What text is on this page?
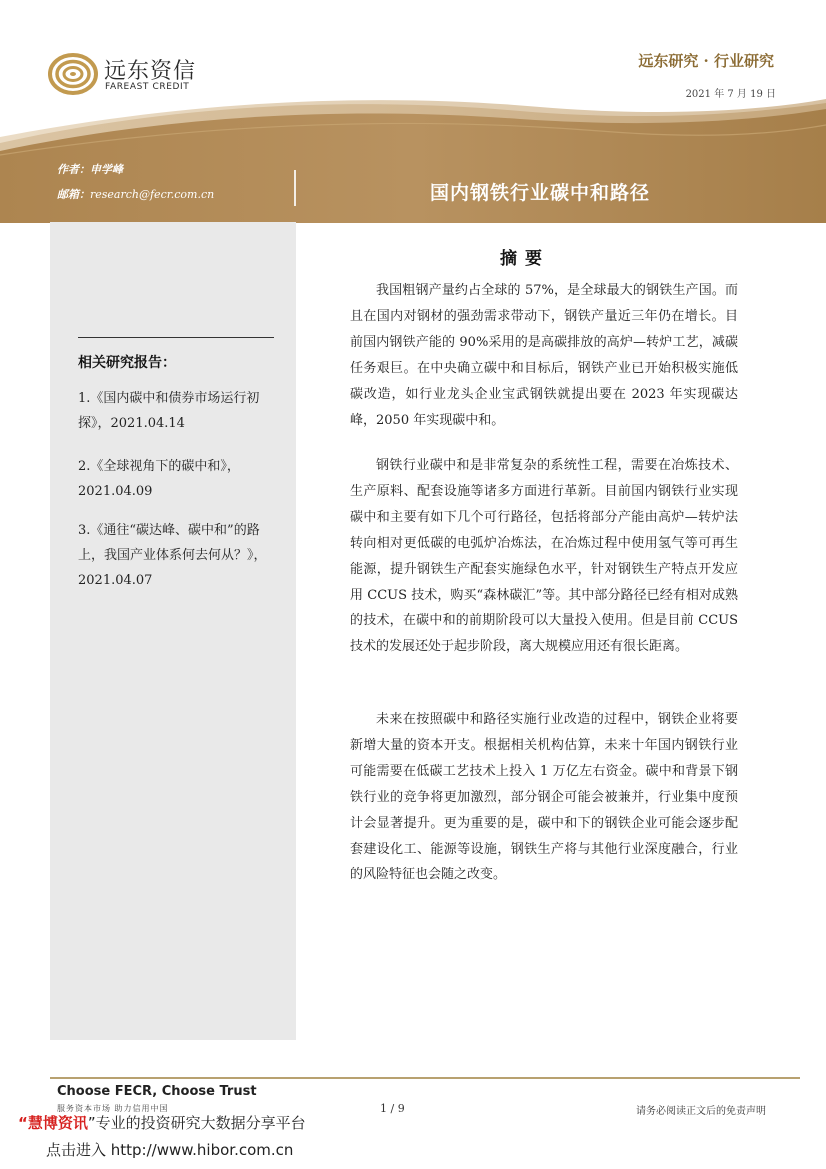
远东资信
FAREAST CREDIT
远东研究 · 行业研究
2021 年 7 月 19 日
作者：申学峰
邮箱：research@fecr.com.cn	国内钢铁行业碳中和路径
相关研究报告：
1.《国内碳中和债券市场运行初探》，2021.04.14
2.《全球视角下的碳中和》，2021.04.09
3.《通往“碳达峰、碳中和”的路上，我国产业体系何去何从？》，2021.04.07
摘要

我国粗钢产量约占全球的 57%，是全球最大的钢铁生产国。而且在国内对钢材的强劲需求带动下，钢铁产量近三年仍在增长。目前国内钢铁产能的 90%采用的是高碳排放的高炉—转炉工艺，减碳任务艰巨。在中央确立碳中和目标后，钢铁产业已开始积极实施低碳改造，如行业龙头企业宝武钢铁就提出要在 2023 年实现碳达峰，2050 年实现碳中和。

钢铁行业碳中和是非常复杂的系统性工程，需要在冶炼技术、生产原料、配套设施等诸多方面进行革新。目前国内钢铁行业实现碳中和主要有如下几个可行路径，包括将部分产能由高炉—转炉法转向相对更低碳的电弧炉冶炼法，在冶炼过程中使用氢气等可再生能源，提升钢铁生产配套实施绿色水平，针对钢铁生产特点开发应用 CCUS 技术，购买“森林碳汇”等。其中部分路径已经有相对成熟的技术，在碳中和的前期阶段可以大量投入使用。但是目前 CCUS 技术的发展还处于起步阶段，离大规模应用还有很长距离。

未来在按照碳中和路径实施行业改造的过程中，钢铁企业将要新增大量的资本开支。根据相关机构估算，未来十年国内钢铁行业可能需要在低碳工艺技术上投入 1 万亿左右资金。碳中和背景下钢铁行业的竞争将更加激烈，部分钢企可能会被兼并，行业集中度预计会显著提升。更为重要的是，碳中和下的钢铁企业可能会逐步配套建设化工、能源等设施，钢铁生产将与其他行业深度融合，行业的风险特征也会随之改变。

Choose FECR, Choose Trust
服务资本市场 助力信用中国	1 / 9	请务必阅读正文后的免责声明
“慧博资讯”专业的投资研究大数据分享平台
点击进入 http://www.hibor.com.cn
